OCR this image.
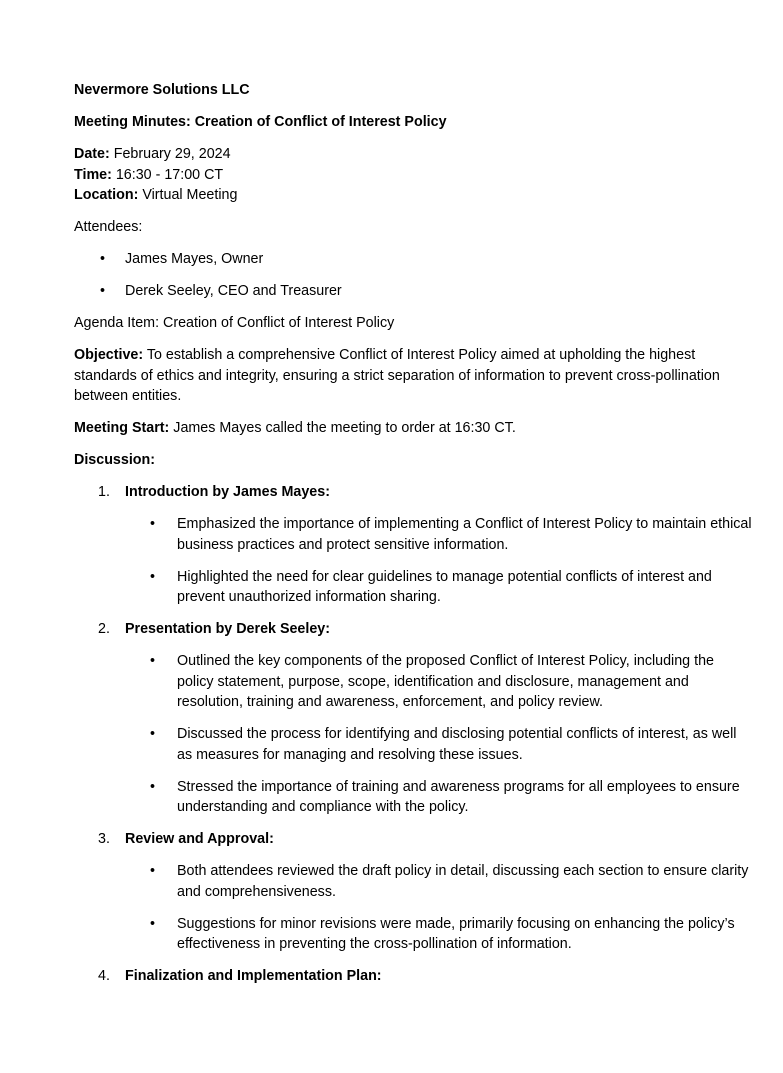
Nevermore Solutions LLC

Meeting Minutes: Creation of Conflict of Interest Policy

Date: February 29, 2024

Time: 16:30 - 17:00 CT

Location: Virtual Meeting

Attendees:

• James Mayes, Owner
• Derek Seeley, CEO and Treasurer

Agenda Item: Creation of Conflict of Interest Policy

Objective: To establish a comprehensive Conflict of Interest Policy aimed at upholding the highest standards of ethics and integrity, ensuring a strict separation of information to prevent cross-pollination between entities.

Meeting Start: James Mayes called the meeting to order at 16:30 CT.

Discussion:

1. Introduction by James Mayes:
• Emphasized the importance of implementing a Conflict of Interest Policy to maintain ethical business practices and protect sensitive information.
• Highlighted the need for clear guidelines to manage potential conflicts of interest and prevent unauthorized information sharing.
2. Presentation by Derek Seeley:
• Outlined the key components of the proposed Conflict of Interest Policy, including the policy statement, purpose, scope, identification and disclosure, management and resolution, training and awareness, enforcement, and policy review.
• Discussed the process for identifying and disclosing potential conflicts of interest, as well as measures for managing and resolving these issues.
• Stressed the importance of training and awareness programs for all employees to ensure understanding and compliance with the policy.
3. Review and Approval:
• Both attendees reviewed the draft policy in detail, discussing each section to ensure clarity and comprehensiveness.
• Suggestions for minor revisions were made, primarily focusing on enhancing the policy’s effectiveness in preventing the cross-pollination of information.
4. Finalization and Implementation Plan:
